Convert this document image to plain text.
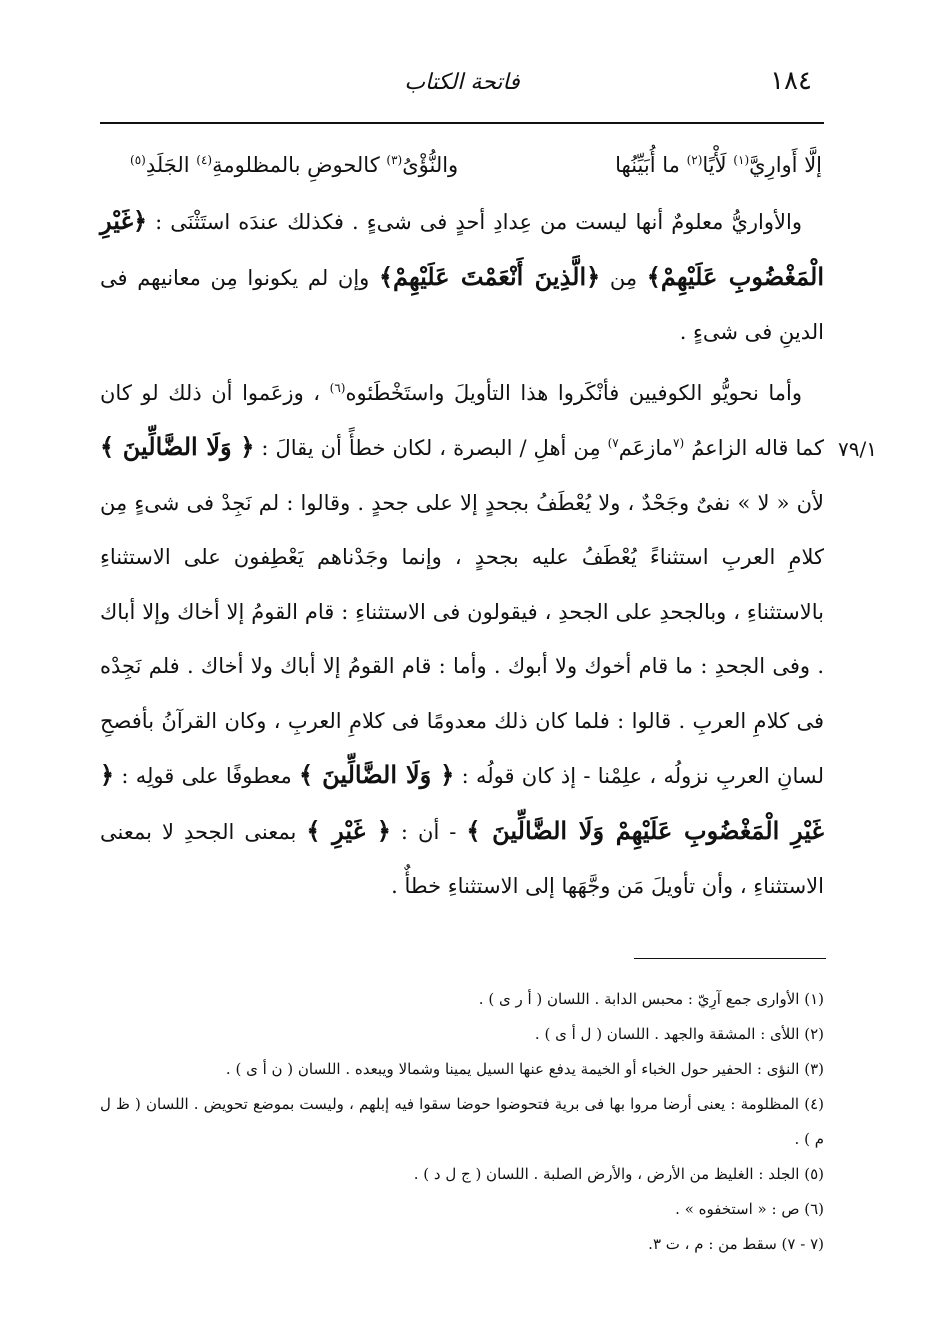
١٨٤
فاتحة الكتاب
٧٩/١
إلَّا أَوارِيَّ$^{(١)}$ لَأْيًا$^{(٢)}$ ما أُبَيِّنُها
والنُّؤْىُ$^{(٣)}$ كالحوضِ بالمظلومةِ$^{(٤)}$ الجَلَدِ$^{(٥)}$

والأواريُّ معلومٌ أنها ليست من عِدادِ أحدٍ فى شىءٍ . فكذلك عندَه استَثْنَى : ﴿غَيْرِ الْمَغْضُوبِ عَلَيْهِمْ﴾ مِن ﴿الَّذِينَ أَنْعَمْتَ عَلَيْهِمْ﴾ وإن لم يكونوا مِن معانيهم فى الدينِ فى شىءٍ .

وأما نحويُّو الكوفيين فأنْكَروا هذا التأويلَ واستَخْطَئوه$^{(٦)}$ ، وزعَموا أن ذلك لو كان كما قاله الزاعمُ $^{(٧}$مازعَم$^{٧)}$ مِن أهلِ / البصرة ، لكان خطأً أن يقالَ : ﴿ وَلَا الضَّالِّينَ ﴾ لأن « لا » نفىٌ وجَحْدٌ ، ولا يُعْطَفُ بجحدٍ إلا على جحدٍ . وقالوا : لم نَجِدْ فى شىءٍ مِن كلامِ العربِ استثناءً يُعْطَفُ عليه بجحدٍ ، وإنما وجَدْناهم يَعْطِفون على الاستثناءِ بالاستثناءِ ، وبالجحدِ على الجحدِ ، فيقولون فى الاستثناءِ : قام القومُ إلا أخاك وإلا أباك . وفى الجحدِ : ما قام أخوك ولا أبوك . وأما : قام القومُ إلا أباك ولا أخاك . فلم نَجِدْه فى كلامِ العربِ . قالوا : فلما كان ذلك معدومًا فى كلامِ العربِ ، وكان القرآنُ بأفصحِ لسانِ العربِ نزولُه ، علِمْنا - إذ كان قولُه : ﴿ وَلَا الضَّالِّينَ ﴾ معطوفًا على قولِه : ﴿ غَيْرِ الْمَغْضُوبِ عَلَيْهِمْ وَلَا الضَّالِّينَ ﴾ - أن : ﴿ غَيْرِ ﴾ بمعنى الجحدِ لا بمعنى الاستثناءِ ، وأن تأويلَ مَن وجَّهَها إلى الاستثناءِ خطأٌ .

(١) الأوارى جمع آرِيّ : محبس الدابة . اللسان ( أ ر ى ) .

(٢) اللأى : المشقة والجهد . اللسان ( ل أ ى ) .

(٣) النؤى : الحفير حول الخباء أو الخيمة يدفع عنها السيل يمينا وشمالا ويبعده . اللسان ( ن أ ى ) .

(٤) المظلومة : يعنى أرضا مروا بها فى برية فتحوضوا حوضا سقوا فيه إبلهم ، وليست بموضع تحويض . اللسان ( ظ ل م ) .

(٥) الجلد : الغليظ من الأرض ، والأرض الصلبة . اللسان ( ج ل د ) .

(٦) ص : « استخفوه » .

(٧ - ٧) سقط من : م ، ت ٣.
